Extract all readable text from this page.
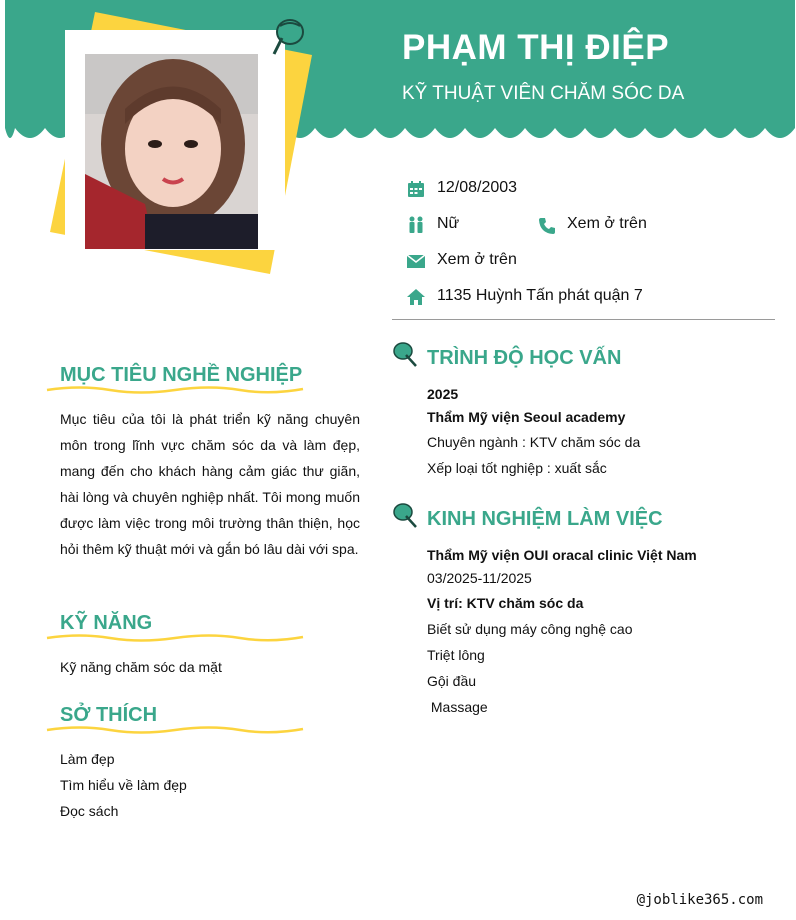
PHẠM THỊ ĐIỆP
KỸ THUẬT VIÊN CHĂM SÓC DA
12/08/2003
Nữ	Xem ở trên
Xem ở trên
1135 Huỳnh Tấn phát quận 7
MỤC TIÊU NGHỀ NGHIỆP
Mục tiêu của tôi là phát triển kỹ năng chuyên môn trong lĩnh vực chăm sóc da và làm đẹp, mang đến cho khách hàng cảm giác thư giãn, hài lòng và chuyên nghiệp nhất. Tôi mong muốn được làm việc trong môi trường thân thiện, học hỏi thêm kỹ thuật mới và gắn bó lâu dài với spa.
KỸ NĂNG
Kỹ năng chăm sóc da mặt
SỞ THÍCH
Làm đẹp
Tìm hiểu về làm đẹp
Đọc sách
TRÌNH ĐỘ HỌC VẤN
2025
Thẩm Mỹ viện Seoul academy
Chuyên ngành : KTV chăm sóc da
Xếp loại tốt nghiệp : xuất sắc
KINH NGHIỆM LÀM VIỆC
Thẩm Mỹ viện OUI oracal clinic Việt Nam
03/2025-11/2025
Vị trí: KTV chăm sóc da
Biết sử dụng máy công nghệ cao
Triệt lông
Gội đầu
Massage
@joblike365.com
